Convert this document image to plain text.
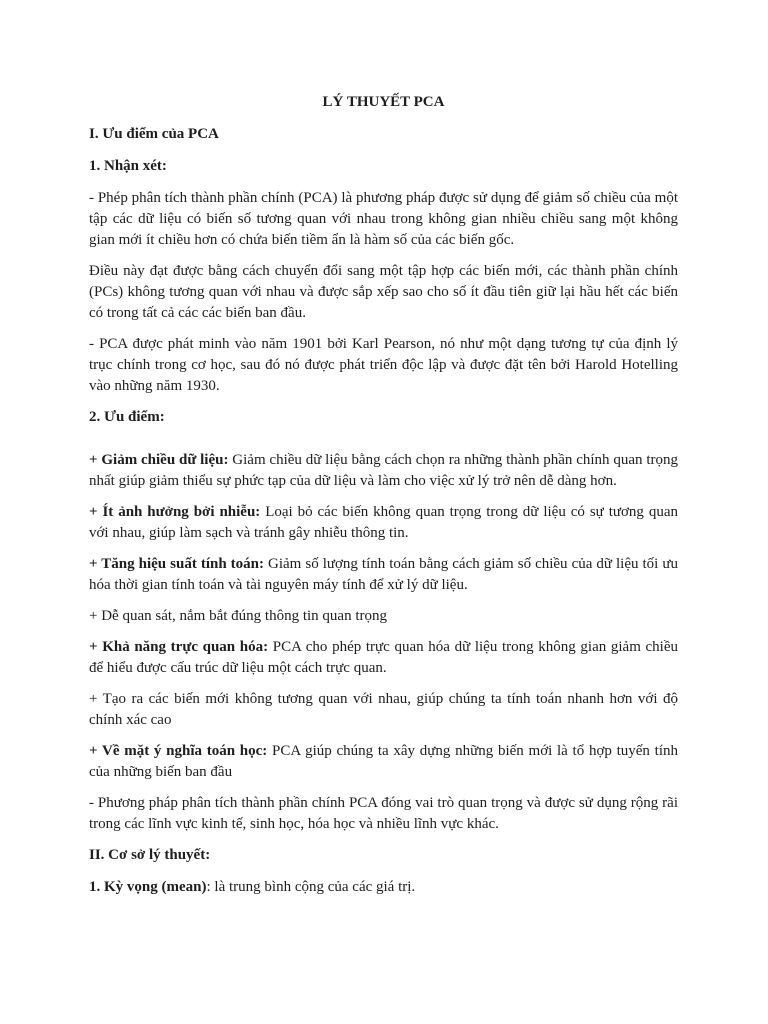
LÝ THUYẾT PCA
I. Ưu điểm của PCA
1. Nhận xét:

- Phép phân tích thành phần chính (PCA) là phương pháp được sử dụng để giảm số chiều của một tập các dữ liệu có biến số tương quan với nhau trong không gian nhiều chiều sang một không gian mới ít chiều hơn có chứa biến tiềm ẩn là hàm số của các biến gốc.

Điều này đạt được bằng cách chuyển đổi sang một tập hợp các biến mới, các thành phần chính (PCs) không tương quan với nhau và được sắp xếp sao cho số ít đầu tiên giữ lại hầu hết các biến có trong tất cả các các biến ban đầu.

- PCA được phát minh vào năm 1901 bởi Karl Pearson, nó như một dạng tương tự của định lý trục chính trong cơ học, sau đó nó được phát triển độc lập và được đặt tên bởi Harold Hotelling vào những năm 1930.

2. Ưu điểm:

+ Giảm chiều dữ liệu: Giảm chiều dữ liệu bằng cách chọn ra những thành phần chính quan trọng nhất giúp giảm thiểu sự phức tạp của dữ liệu và làm cho việc xử lý trở nên dễ dàng hơn.

+ Ít ảnh hưởng bởi nhiễu: Loại bỏ các biến không quan trọng trong dữ liệu có sự tương quan với nhau, giúp làm sạch và tránh gây nhiễu thông tin.

+ Tăng hiệu suất tính toán: Giảm số lượng tính toán bằng cách giảm số chiều của dữ liệu tối ưu hóa thời gian tính toán và tài nguyên máy tính để xử lý dữ liệu.

+ Dễ quan sát, nắm bắt đúng thông tin quan trọng

+ Khả năng trực quan hóa: PCA cho phép trực quan hóa dữ liệu trong không gian giảm chiều để hiểu được cấu trúc dữ liệu một cách trực quan.

+ Tạo ra các biến mới không tương quan với nhau, giúp chúng ta tính toán nhanh hơn với độ chính xác cao

+ Về mặt ý nghĩa toán học: PCA giúp chúng ta xây dựng những biến mới là tổ hợp tuyến tính của những biến ban đầu

- Phương pháp phân tích thành phần chính PCA đóng vai trò quan trọng và được sử dụng rộng rãi trong các lĩnh vực kinh tế, sinh học, hóa học và nhiều lĩnh vực khác.

II. Cơ sở lý thuyết:

1. Kỳ vọng (mean): là trung bình cộng của các giá trị.
